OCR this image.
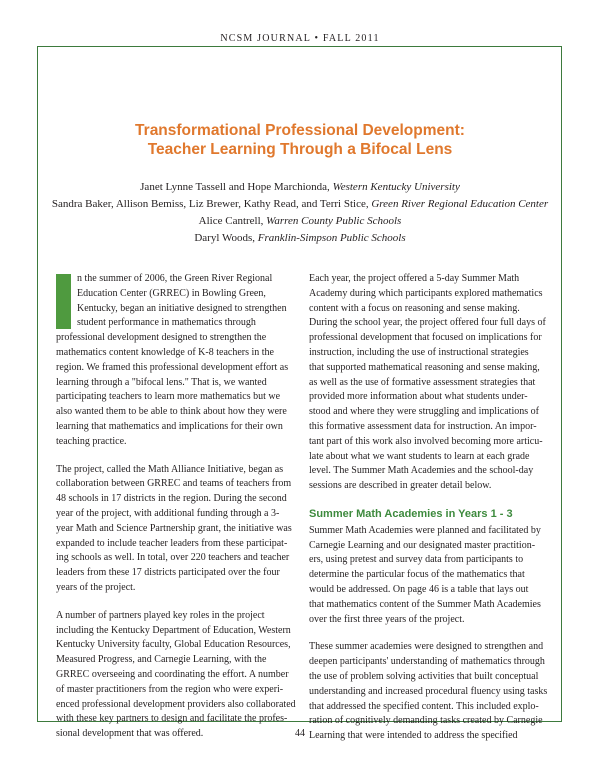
NCSM JOURNAL • FALL 2011
Transformational Professional Development:
Teacher Learning Through a Bifocal Lens
Janet Lynne Tassell and Hope Marchionda, Western Kentucky University
Sandra Baker, Allison Bemiss, Liz Brewer, Kathy Read, and Terri Stice, Green River Regional Education Center
Alice Cantrell, Warren County Public Schools
Daryl Woods, Franklin-Simpson Public Schools

n the summer of 2006, the Green River Regional
Education Center (GRREC) in Bowling Green,
Kentucky, began an initiative designed to strengthen
student performance in mathematics through
professional development designed to strengthen the
mathematics content knowledge of K-8 teachers in the
region. We framed this professional development effort as
learning through a "bifocal lens." That is, we wanted
participating teachers to learn more mathematics but we
also wanted them to be able to think about how they were
learning that mathematics and implications for their own
teaching practice.

The project, called the Math Alliance Initiative, began as
collaboration between GRREC and teams of teachers from
48 schools in 17 districts in the region. During the second
year of the project, with additional funding through a 3-
year Math and Science Partnership grant, the initiative was
expanded to include teacher leaders from these participat-
ing schools as well. In total, over 220 teachers and teacher
leaders from these 17 districts participated over the four
years of the project.

A number of partners played key roles in the project
including the Kentucky Department of Education, Western
Kentucky University faculty, Global Education Resources,
Measured Progress, and Carnegie Learning, with the
GRREC overseeing and coordinating the effort. A number
of master practitioners from the region who were experi-
enced professional development providers also collaborated
with these key partners to design and facilitate the profes-
sional development that was offered.

Each year, the project offered a 5-day Summer Math
Academy during which participants explored mathematics
content with a focus on reasoning and sense making.
During the school year, the project offered four full days of
professional development that focused on implications for
instruction, including the use of instructional strategies
that supported mathematical reasoning and sense making,
as well as the use of formative assessment strategies that
provided more information about what students under-
stood and where they were struggling and implications of
this formative assessment data for instruction. An impor-
tant part of this work also involved becoming more articu-
late about what we want students to learn at each grade
level. The Summer Math Academies and the school-day
sessions are described in greater detail below.

Summer Math Academies in Years 1 - 3

Summer Math Academies were planned and facilitated by
Carnegie Learning and our designated master practition-
ers, using pretest and survey data from participants to
determine the particular focus of the mathematics that
would be addressed. On page 46 is a table that lays out
that mathematics content of the Summer Math Academies
over the first three years of the project.

These summer academies were designed to strengthen and
deepen participants' understanding of mathematics through
the use of problem solving activities that built conceptual
understanding and increased procedural fluency using tasks
that addressed the specified content. This included explo-
ration of cognitively demanding tasks created by Carnegie
Learning that were intended to address the specified

44
